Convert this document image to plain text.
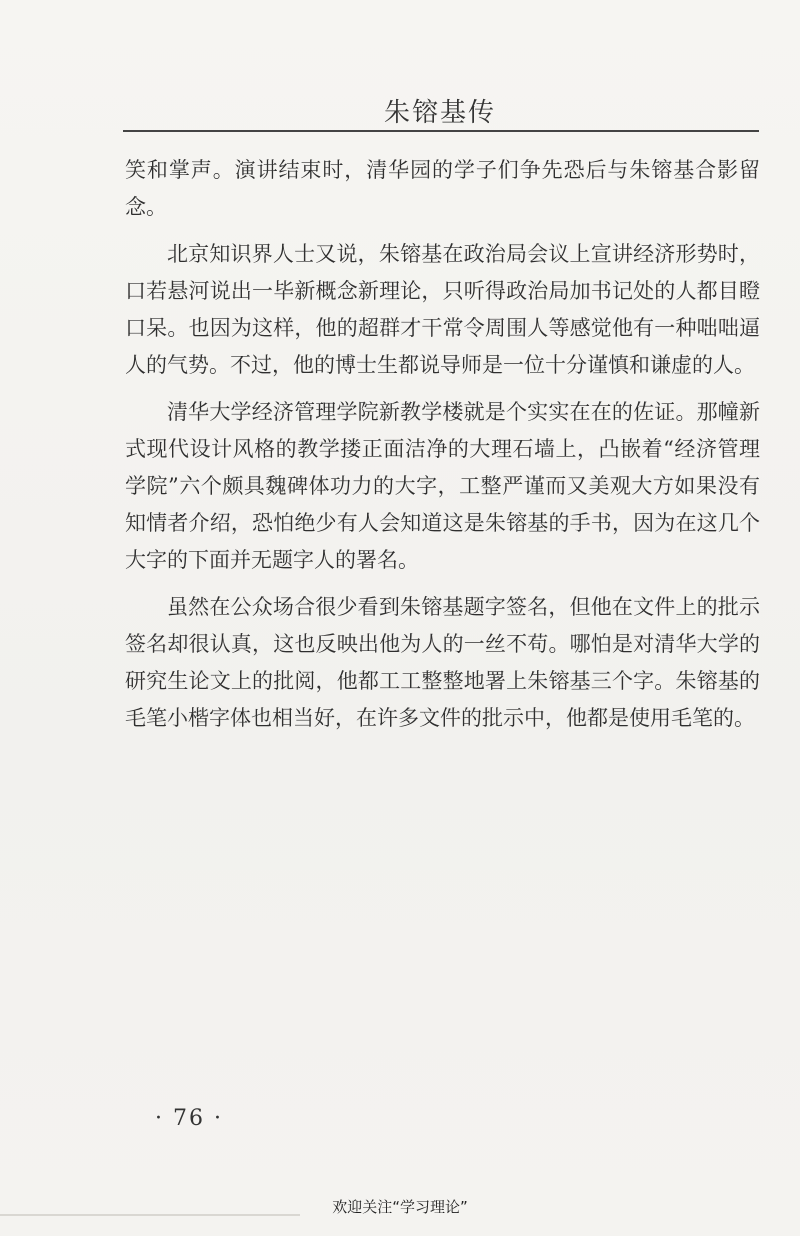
朱镕基传

笑和掌声。演讲结束时，清华园的学子们争先恐后与朱镕基合影留念。

北京知识界人士又说，朱镕基在政治局会议上宣讲经济形势时，口若悬河说出一毕新概念新理论，只听得政治局加书记处的人都目瞪口呆。也因为这样，他的超群才干常令周围人等感觉他有一种咄咄逼人的气势。不过，他的博士生都说导师是一位十分谨慎和谦虚的人。

清华大学经济管理学院新教学楼就是个实实在在的佐证。那幢新式现代设计风格的教学搂正面洁净的大理石墙上，凸嵌着“经济管理学院”六个颇具魏碑体功力的大字，工整严谨而又美观大方如果没有知情者介绍，恐怕绝少有人会知道这是朱镕基的手书，因为在这几个大字的下面并无题字人的署名。

虽然在公众场合很少看到朱镕基题字签名，但他在文件上的批示签名却很认真，这也反映出他为人的一丝不苟。哪怕是对清华大学的研究生论文上的批阅，他都工工整整地署上朱镕基三个字。朱镕基的毛笔小楷字体也相当好，在许多文件的批示中，他都是使用毛笔的。

· 76 ·
欢迎关注“学习理论”
